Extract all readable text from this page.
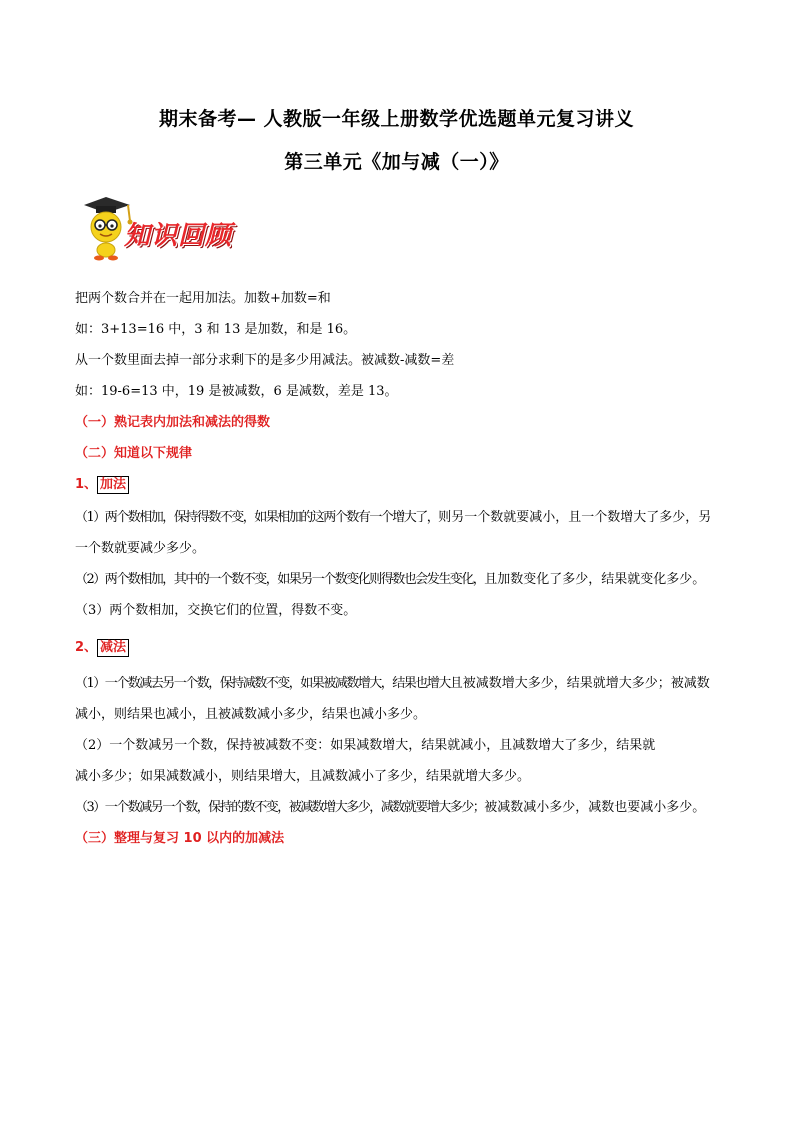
期末备考— 人教版一年级上册数学优选题单元复习讲义
第三单元《加与减（一）》
知识回顾
把两个数合并在一起用加法。加数+加数=和
如：3+13=16 中，3 和 13 是加数，和是 16。
从一个数里面去掉一部分求剩下的是多少用减法。被减数-减数=差
如：19-6=13 中，19 是被减数，6 是减数，差是 13。
（一）熟记表内加法和减法的得数
（二）知道以下规律
1、 加法
（1）两个数相加，保持得数不变，如果相加的这两个数有一个增大了，则另一个数就要减小，且一个数增大了多少，另
一个数就要减少多少。
（2）两个数相加，其中的一个数不变，如果另一个数变化则得数也会发生变化，且加数变化了多少，结果就变化多少。
（3）两个数相加，交换它们的位置，得数不变。
2、 减法
（1）一个数减去另一个数，保持减数不变，如果被减数增大，结果也增大且被减数增大多少，结果就增大多少；被减数
减小，则结果也减小，且被减数减小多少，结果也减小多少。
（2）一个数减另一个数，保持被减数不变：如果减数增大，结果就减小，且减数增大了多少，结果就
减小多少；如果减数减小，则结果增大，且减数减小了多少，结果就增大多少。
（3）一个数减另一个数，保持的数不变，被减数增大多少，减数就要增大多少；被减数减小多少，减数也要减小多少。
（三）整理与复习 10 以内的加减法
